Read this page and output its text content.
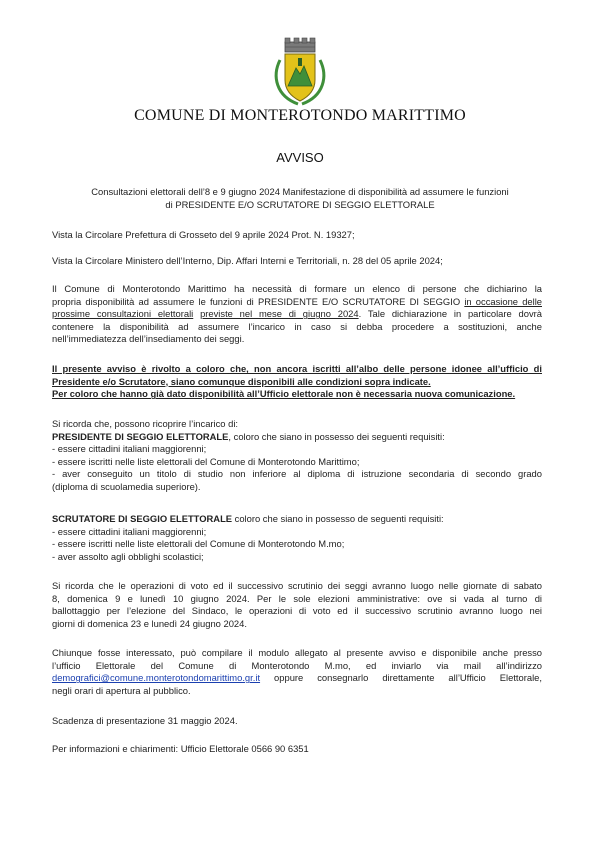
COMUNE DI MONTEROTONDO MARITTIMO
AVVISO
Consultazioni elettorali dell’8 e 9 giugno 2024 Manifestazione di disponibilità ad assumere le funzioni
di PRESIDENTE E/O SCRUTATORE DI SEGGIO ELETTORALE
Vista la Circolare Prefettura di Grosseto del 9 aprile 2024 Prot. N. 19327;
Vista la Circolare Ministero dell’Interno, Dip. Affari Interni e Territoriali, n. 28 del 05 aprile 2024;
Il Comune di Monterotondo Marittimo ha necessità di formare un elenco di persone che dichiarino la
propria disponibilità ad assumere le funzioni di PRESIDENTE E/O SCRUTATORE DI SEGGIO in occasione delle
prossime consultazioni elettorali previste nel mese di giugno 2024. Tale dichiarazione in particolare dovrà
contenere la disponibilità ad assumere l’incarico in caso si debba procedere a sostituzioni, anche
nell’immediatezza dell’insediamento dei seggi.
Il presente avviso è rivolto a coloro che, non ancora iscritti all’albo delle persone idonee all’ufficio di
Presidente e/o Scrutatore, siano comunque disponibili alle condizioni sopra indicate.
Per coloro che hanno già dato disponibilità all’Ufficio elettorale non è necessaria nuova comunicazione.
Si ricorda che, possono ricoprire l’incarico di:
PRESIDENTE DI SEGGIO ELETTORALE, coloro che siano in possesso dei seguenti requisiti:
- essere cittadini italiani maggiorenni;
- essere iscritti nelle liste elettorali del Comune di Monterotondo Marittimo;
- aver conseguito un titolo di studio non inferiore al diploma di istruzione secondaria di secondo grado
(diploma di scuolamedia superiore).
SCRUTATORE DI SEGGIO ELETTORALE coloro che siano in possesso de seguenti requisiti:
- essere cittadini italiani maggiorenni;
- essere iscritti nelle liste elettorali del Comune di Monterotondo M.mo;
- aver assolto agli obblighi scolastici;
Si ricorda che le operazioni di voto ed il successivo scrutinio dei seggi avranno luogo nelle giornate di sabato
8, domenica 9 e lunedì 10 giugno 2024. Per le sole elezioni amministrative: ove si vada al turno di
ballottaggio per l’elezione del Sindaco, le operazioni di voto ed il successivo scrutinio avranno luogo nei
giorni di domenica 23 e lunedì 24 giugno 2024.
Chiunque fosse interessato, può compilare il modulo allegato al presente avviso e disponibile anche presso
l’ufficio Elettorale del Comune di Monterotondo M.mo, ed inviarlo via mail all’indirizzo
demografici@comune.monterotondomarittimo.gr.it oppure consegnarlo direttamente all’Ufficio Elettorale,
negli orari di apertura al pubblico.
Scadenza di presentazione 31 maggio 2024.
Per informazioni e chiarimenti: Ufficio Elettorale 0566 90 6351
